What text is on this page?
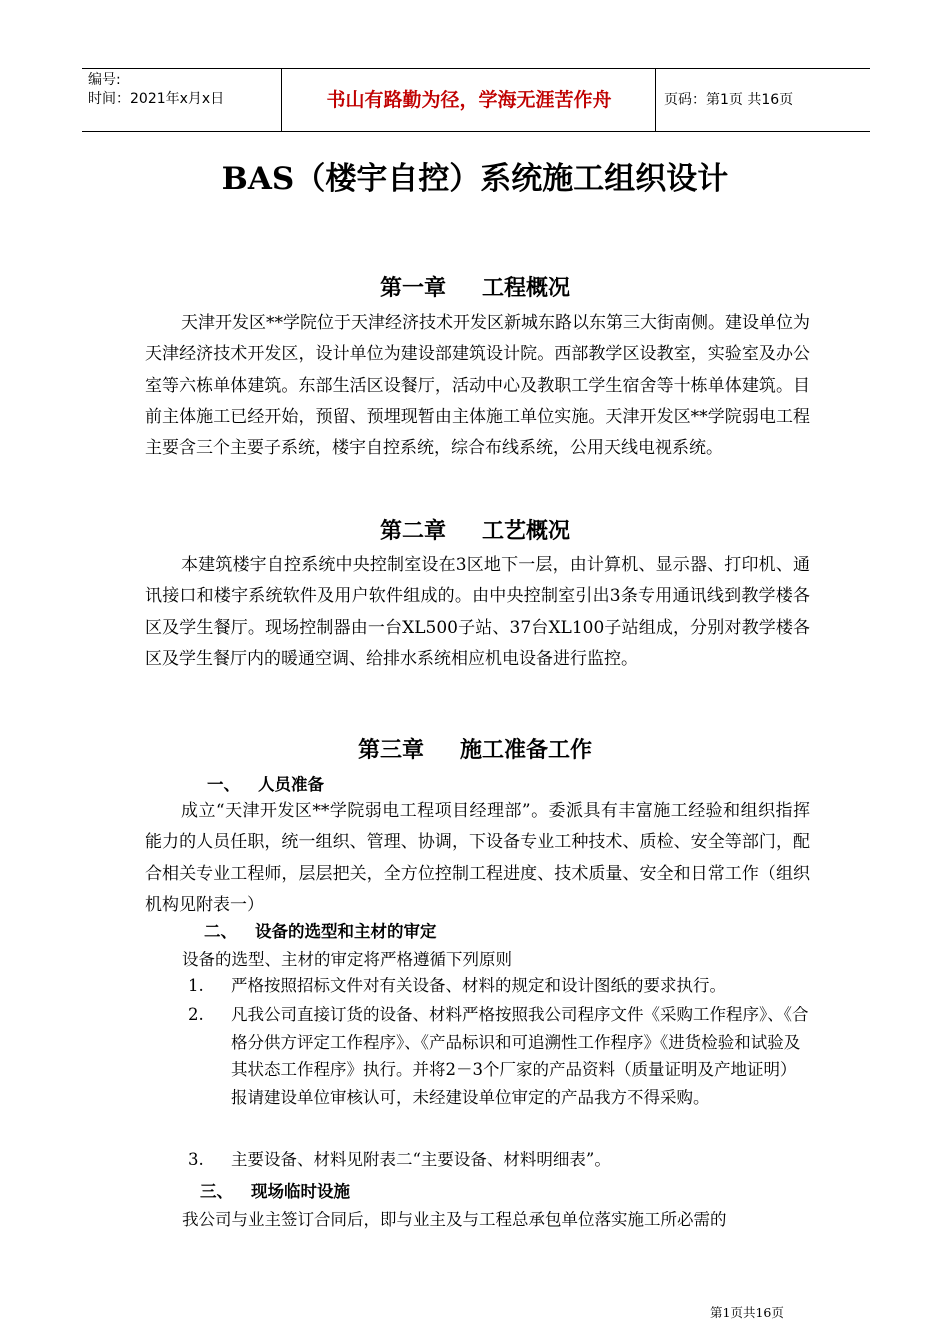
编号:
时间：2021年x月x日	书山有路勤为径，学海无涯苦作舟	页码：第1页 共16页
BAS（楼宇自控）系统施工组织设计
第一章 工程概况
天津开发区**学院位于天津经济技术开发区新城东路以东第三大街南侧。建设单位为天津经济技术开发区，设计单位为建设部建筑设计院。西部教学区设教室，实验室及办公室等六栋单体建筑。东部生活区设餐厅，活动中心及教职工学生宿舍等十栋单体建筑。目前主体施工已经开始，预留、预埋现暂由主体施工单位实施。天津开发区**学院弱电工程主要含三个主要子系统，楼宇自控系统，综合布线系统，公用天线电视系统。
第二章 工艺概况
本建筑楼宇自控系统中央控制室设在3区地下一层，由计算机、显示器、打印机、通讯接口和楼宇系统软件及用户软件组成的。由中央控制室引出3条专用通讯线到教学楼各区及学生餐厅。现场控制器由一台XL500子站、37台XL100子站组成，分别对教学楼各区及学生餐厅内的暖通空调、给排水系统相应机电设备进行监控。
第三章 施工准备工作
一、 人员准备
成立“天津开发区**学院弱电工程项目经理部”。委派具有丰富施工经验和组织指挥能力的人员任职，统一组织、管理、协调，下设备专业工种技术、质检、安全等部门，配合相关专业工程师，层层把关，全方位控制工程进度、技术质量、安全和日常工作（组织机构见附表一）
二、 设备的选型和主材的审定
设备的选型、主材的审定将严格遵循下列原则
1. 严格按照招标文件对有关设备、材料的规定和设计图纸的要求执行。
2. 凡我公司直接订货的设备、材料严格按照我公司程序文件《采购工作程序》、《合格分供方评定工作程序》、《产品标识和可追溯性工作程序》《进货检验和试验及其状态工作程序》执行。并将2－3个厂家的产品资料（质量证明及产地证明）报请建设单位审核认可，未经建设单位审定的产品我方不得采购。
3. 主要设备、材料见附表二“主要设备、材料明细表”。
三、 现场临时设施
我公司与业主签订合同后，即与业主及与工程总承包单位落实施工所必需的
第1页共16页
